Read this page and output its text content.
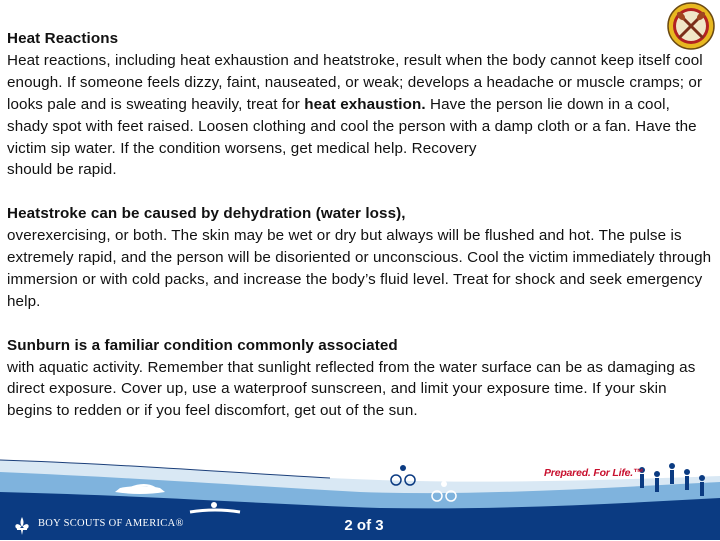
Heat Reactions

Heat reactions, including heat exhaustion and heatstroke, result when the body cannot keep itself cool enough. If someone feels dizzy, faint, nauseated, or weak; develops a headache or muscle cramps; or looks pale and is sweating heavily, treat for heat exhaustion. Have the person lie down in a cool, shady spot with feet raised. Loosen clothing and cool the person with a damp cloth or a fan. Have the victim sip water. If the condition worsens, get medical help. Recovery

should be rapid.

Heatstroke can be caused by dehydration (water loss),

overexercising, or both. The skin may be wet or dry but always will be flushed and hot. The pulse is extremely rapid, and the person will be disoriented or unconscious. Cool the victim immediately through immersion or with cold packs, and increase the body’s fluid level. Treat for shock and seek emergency help.

Sunburn is a familiar condition commonly associated

with aquatic activity. Remember that sunlight reflected from the water surface can be as damaging as direct exposure. Cover up, use a waterproof sunscreen, and limit your exposure time. If your skin begins to redden or if you feel discomfort, get out of the sun.

Prepared. For Life.™
BOY SCOUTS OF AMERICA®	2 of 3
